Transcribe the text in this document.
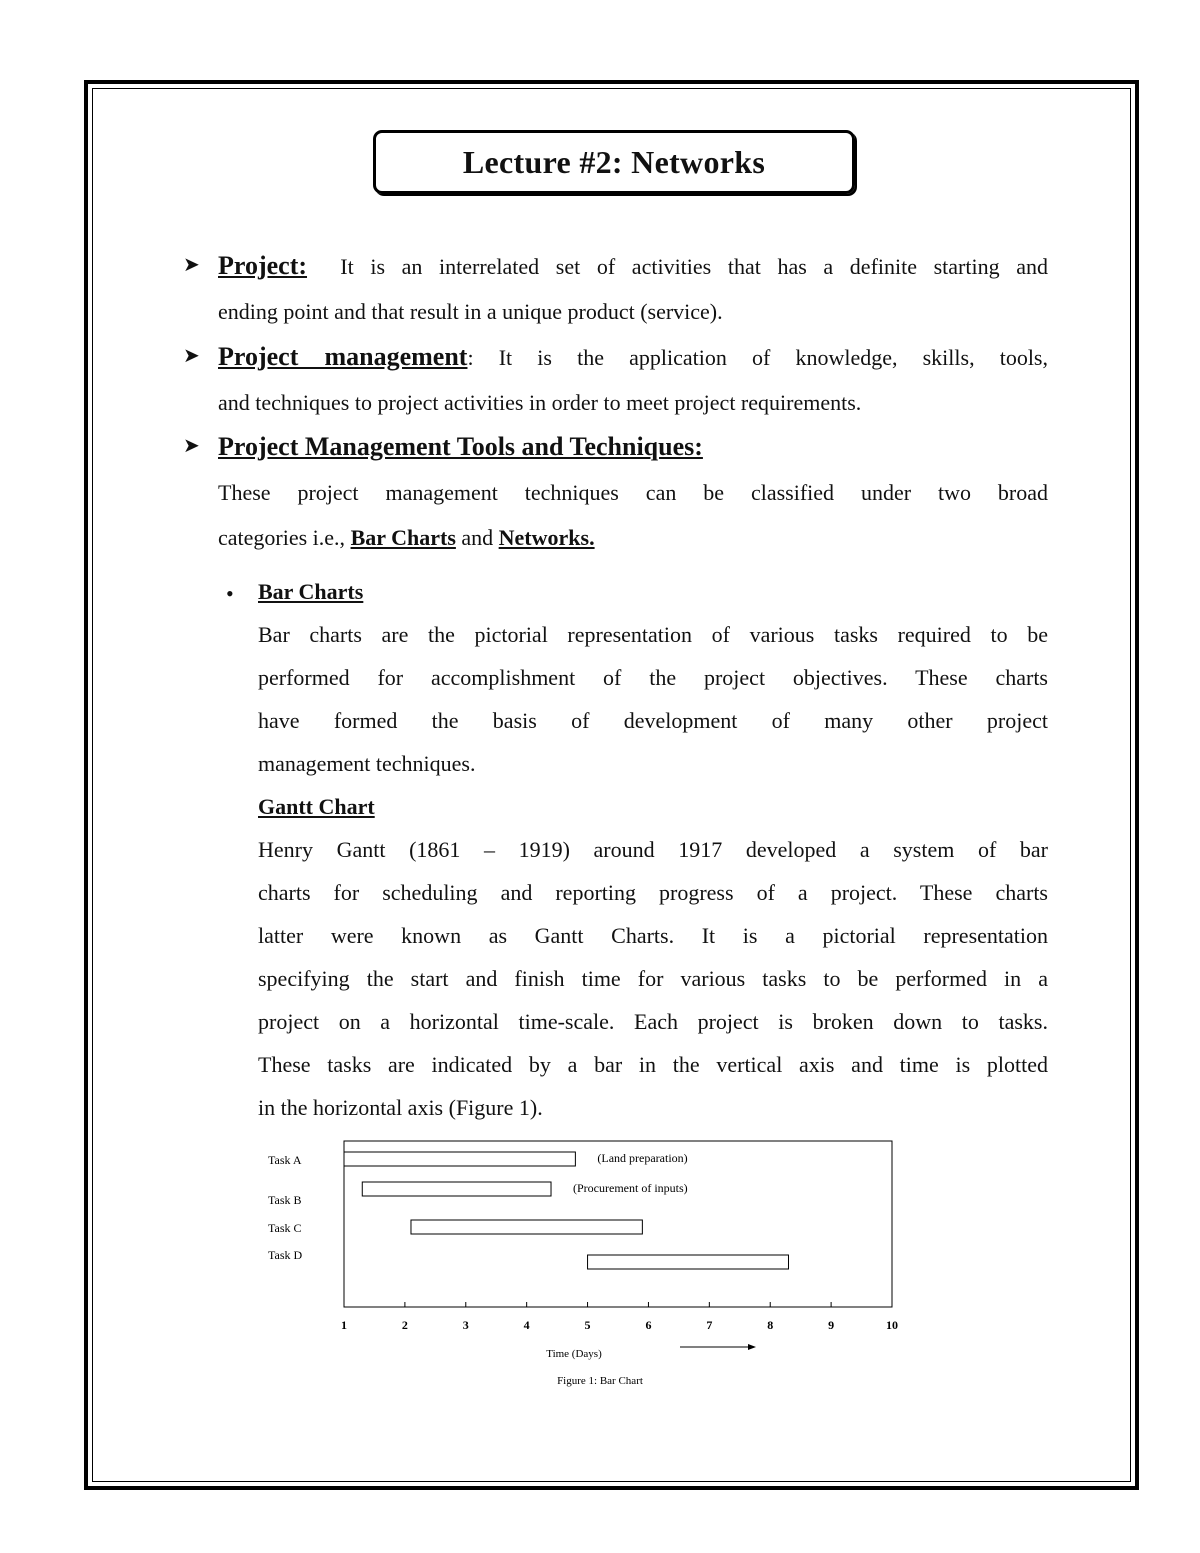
Lecture #2: Networks
➤ Project: It is an interrelated set of activities that has a definite starting and
ending point and that result in a unique product (service).
➤ Project management: It is the application of knowledge, skills, tools,
and techniques to project activities in order to meet project requirements.
➤ Project Management Tools and Techniques:
These project management techniques can be classified under two broad
categories i.e., Bar Charts and Networks.
• Bar Charts
Bar charts are the pictorial representation of various tasks required to be
performed for accomplishment of the project objectives. These charts
have formed the basis of development of many other project
management techniques.
Gantt Chart
Henry Gantt (1861 – 1919) around 1917 developed a system of bar
charts for scheduling and reporting progress of a project. These charts
latter were known as Gantt Charts. It is a pictorial representation
specifying the start and finish time for various tasks to be performed in a
project on a horizontal time-scale. Each project is broken down to tasks.
These tasks are indicated by a bar in the vertical axis and time is plotted
in the horizontal axis (Figure 1).
Task A	(Land preparation)
Task B
(Procurement of inputs)
Task C
Task D
1	2	3	4	5	6	7	8	9	10
Time (Days)
Figure 1: Bar Chart
